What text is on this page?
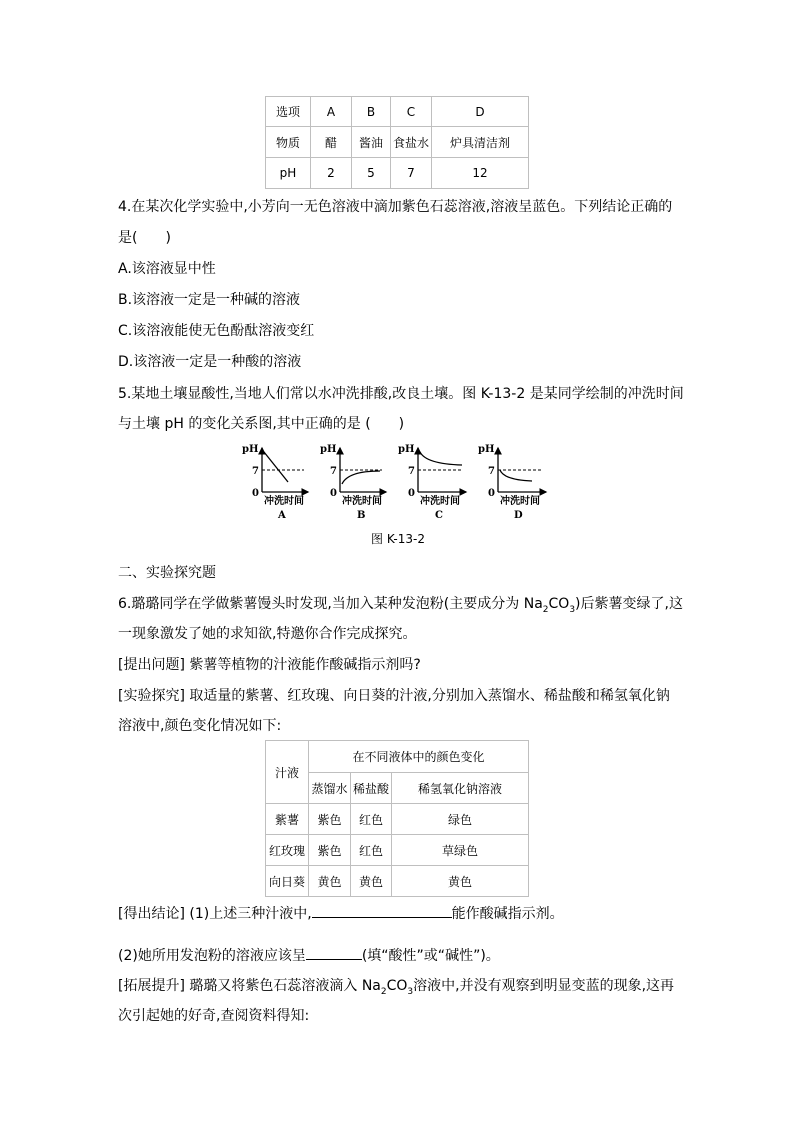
选项	A	B	C	D
物质	醋	酱油	食盐水	炉具清洁剂
pH	2	5	7	12
4.在某次化学实验中,小芳向一无色溶液中滴加紫色石蕊溶液,溶液呈蓝色。下列结论正确的
是(　　)
A.该溶液显中性
B.该溶液一定是一种碱的溶液
C.该溶液能使无色酚酞溶液变红
D.该溶液一定是一种酸的溶液
5.某地土壤显酸性,当地人们常以水冲洗排酸,改良土壤。图 K-13-2 是某同学绘制的冲洗时间
与土壤 pH 的变化关系图,其中正确的是 (　　)
pH
7
0
冲洗时间
A
pH
7
0
冲洗时间
B
pH
7
0
冲洗时间
C
pH
7
0
冲洗时间
D
图 K-13-2
二、实验探究题
6.璐璐同学在学做紫薯馒头时发现,当加入某种发泡粉(主要成分为 $Na_2CO_3$)后紫薯变绿了,这
一现象激发了她的求知欲,特邀你合作完成探究。
[提出问题] 紫薯等植物的汁液能作酸碱指示剂吗?
[实验探究] 取适量的紫薯、红玫瑰、向日葵的汁液,分别加入蒸馏水、稀盐酸和稀氢氧化钠
溶液中,颜色变化情况如下:
汁液	在不同液体中的颜色变化		
	蒸馏水	稀盐酸	稀氢氧化钠溶液
紫薯	紫色	红色	绿色
红玫瑰	紫色	红色	草绿色
向日葵	黄色	黄色	黄色
[得出结论] (1)上述三种汁液中,	能作酸碱指示剂。
(2)她所用发泡粉的溶液应该呈	(填“酸性”或“碱性”)。
[拓展提升] 璐璐又将紫色石蕊溶液滴入 $Na_2CO_3$溶液中,并没有观察到明显变蓝的现象,这再
次引起她的好奇,查阅资料得知:
